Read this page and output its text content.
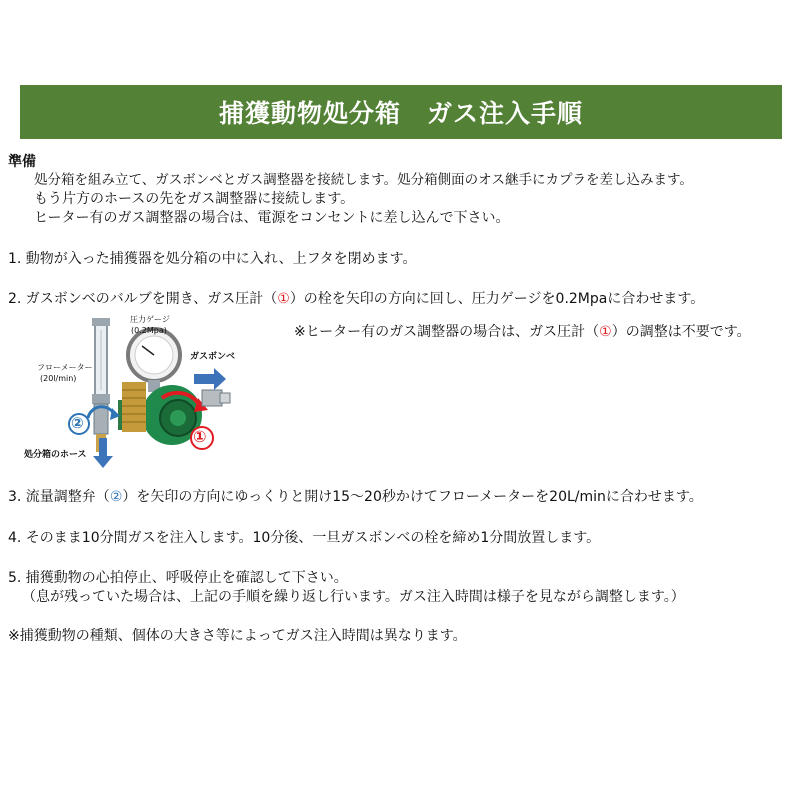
捕獲動物処分箱　ガス注入手順
準備
処分箱を組み立て、ガスボンベとガス調整器を接続します。処分箱側面のオス継手にカプラを差し込みます。
もう片方のホースの先をガス調整器に接続します。
ヒーター有のガス調整器の場合は、電源をコンセントに差し込んで下さい。
1. 動物が入った捕獲器を処分箱の中に入れ、上フタを閉めます。
2. ガスボンベのバルブを開き、ガス圧計（①）の栓を矢印の方向に回し、圧力ゲージを0.2Mpaに合わせます。
※ヒーター有のガス調整器の場合は、ガス圧計（①）の調整は不要です。
圧力ゲージ
(0.2Mpa)
フローメーター
(20l/min)
ガスボンベ
処分箱のホース
②
①
3. 流量調整弁（②）を矢印の方向にゆっくりと開け15～20秒かけてフローメーターを20L/minに合わせます。
4. そのまま10分間ガスを注入します。10分後、一旦ガスボンベの栓を締め1分間放置します。
5. 捕獲動物の心拍停止、呼吸停止を確認して下さい。
（息が残っていた場合は、上記の手順を繰り返し行います。ガス注入時間は様子を見ながら調整します。）
※捕獲動物の種類、個体の大きさ等によってガス注入時間は異なります。
